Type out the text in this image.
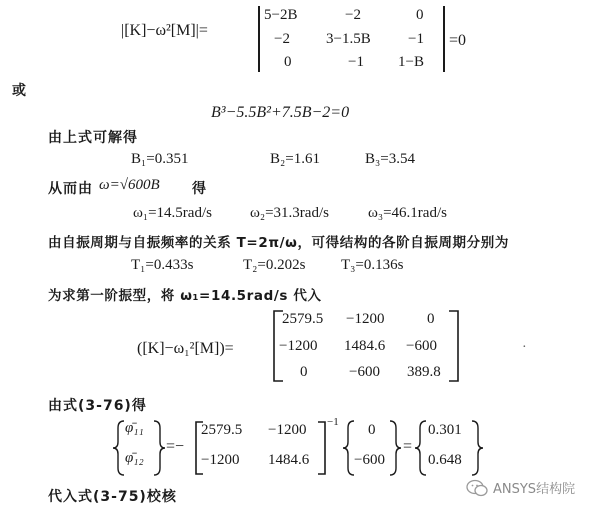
|[K]−ω²[M]|=
5−2B	−2	0
−2 3−1.5B −1
0	−1 1−B
=0
或
B³−5.5B²+7.5B−2=0
由上式可解得
B₁=0.351	B₂=1.61	B₃=3.54
从而由 ω=√600B 得
ω₁=14.5rad/s	ω₂=31.3rad/s	ω₃=46.1rad/s
由自振周期与自振频率的关系 T=2π/ω，可得结构的各阶自振周期分别为
T₁=0.433s	T₂=0.202s T₃=0.136s
为求第一阶振型，将 ω₁=14.5rad/s 代入
([K]−ω₁²[M])=
2579.5 −1200	0
−1200 1484.6 −600
0	−600 389.8
·
由式(3-76)得
φ̄₁₁
φ̄₁₂
=−
2579.5 −1200
−1200 1484.6
−1 0
−600
=
0.301
0.648
代入式(3-75)校核	ANSYS结构院
